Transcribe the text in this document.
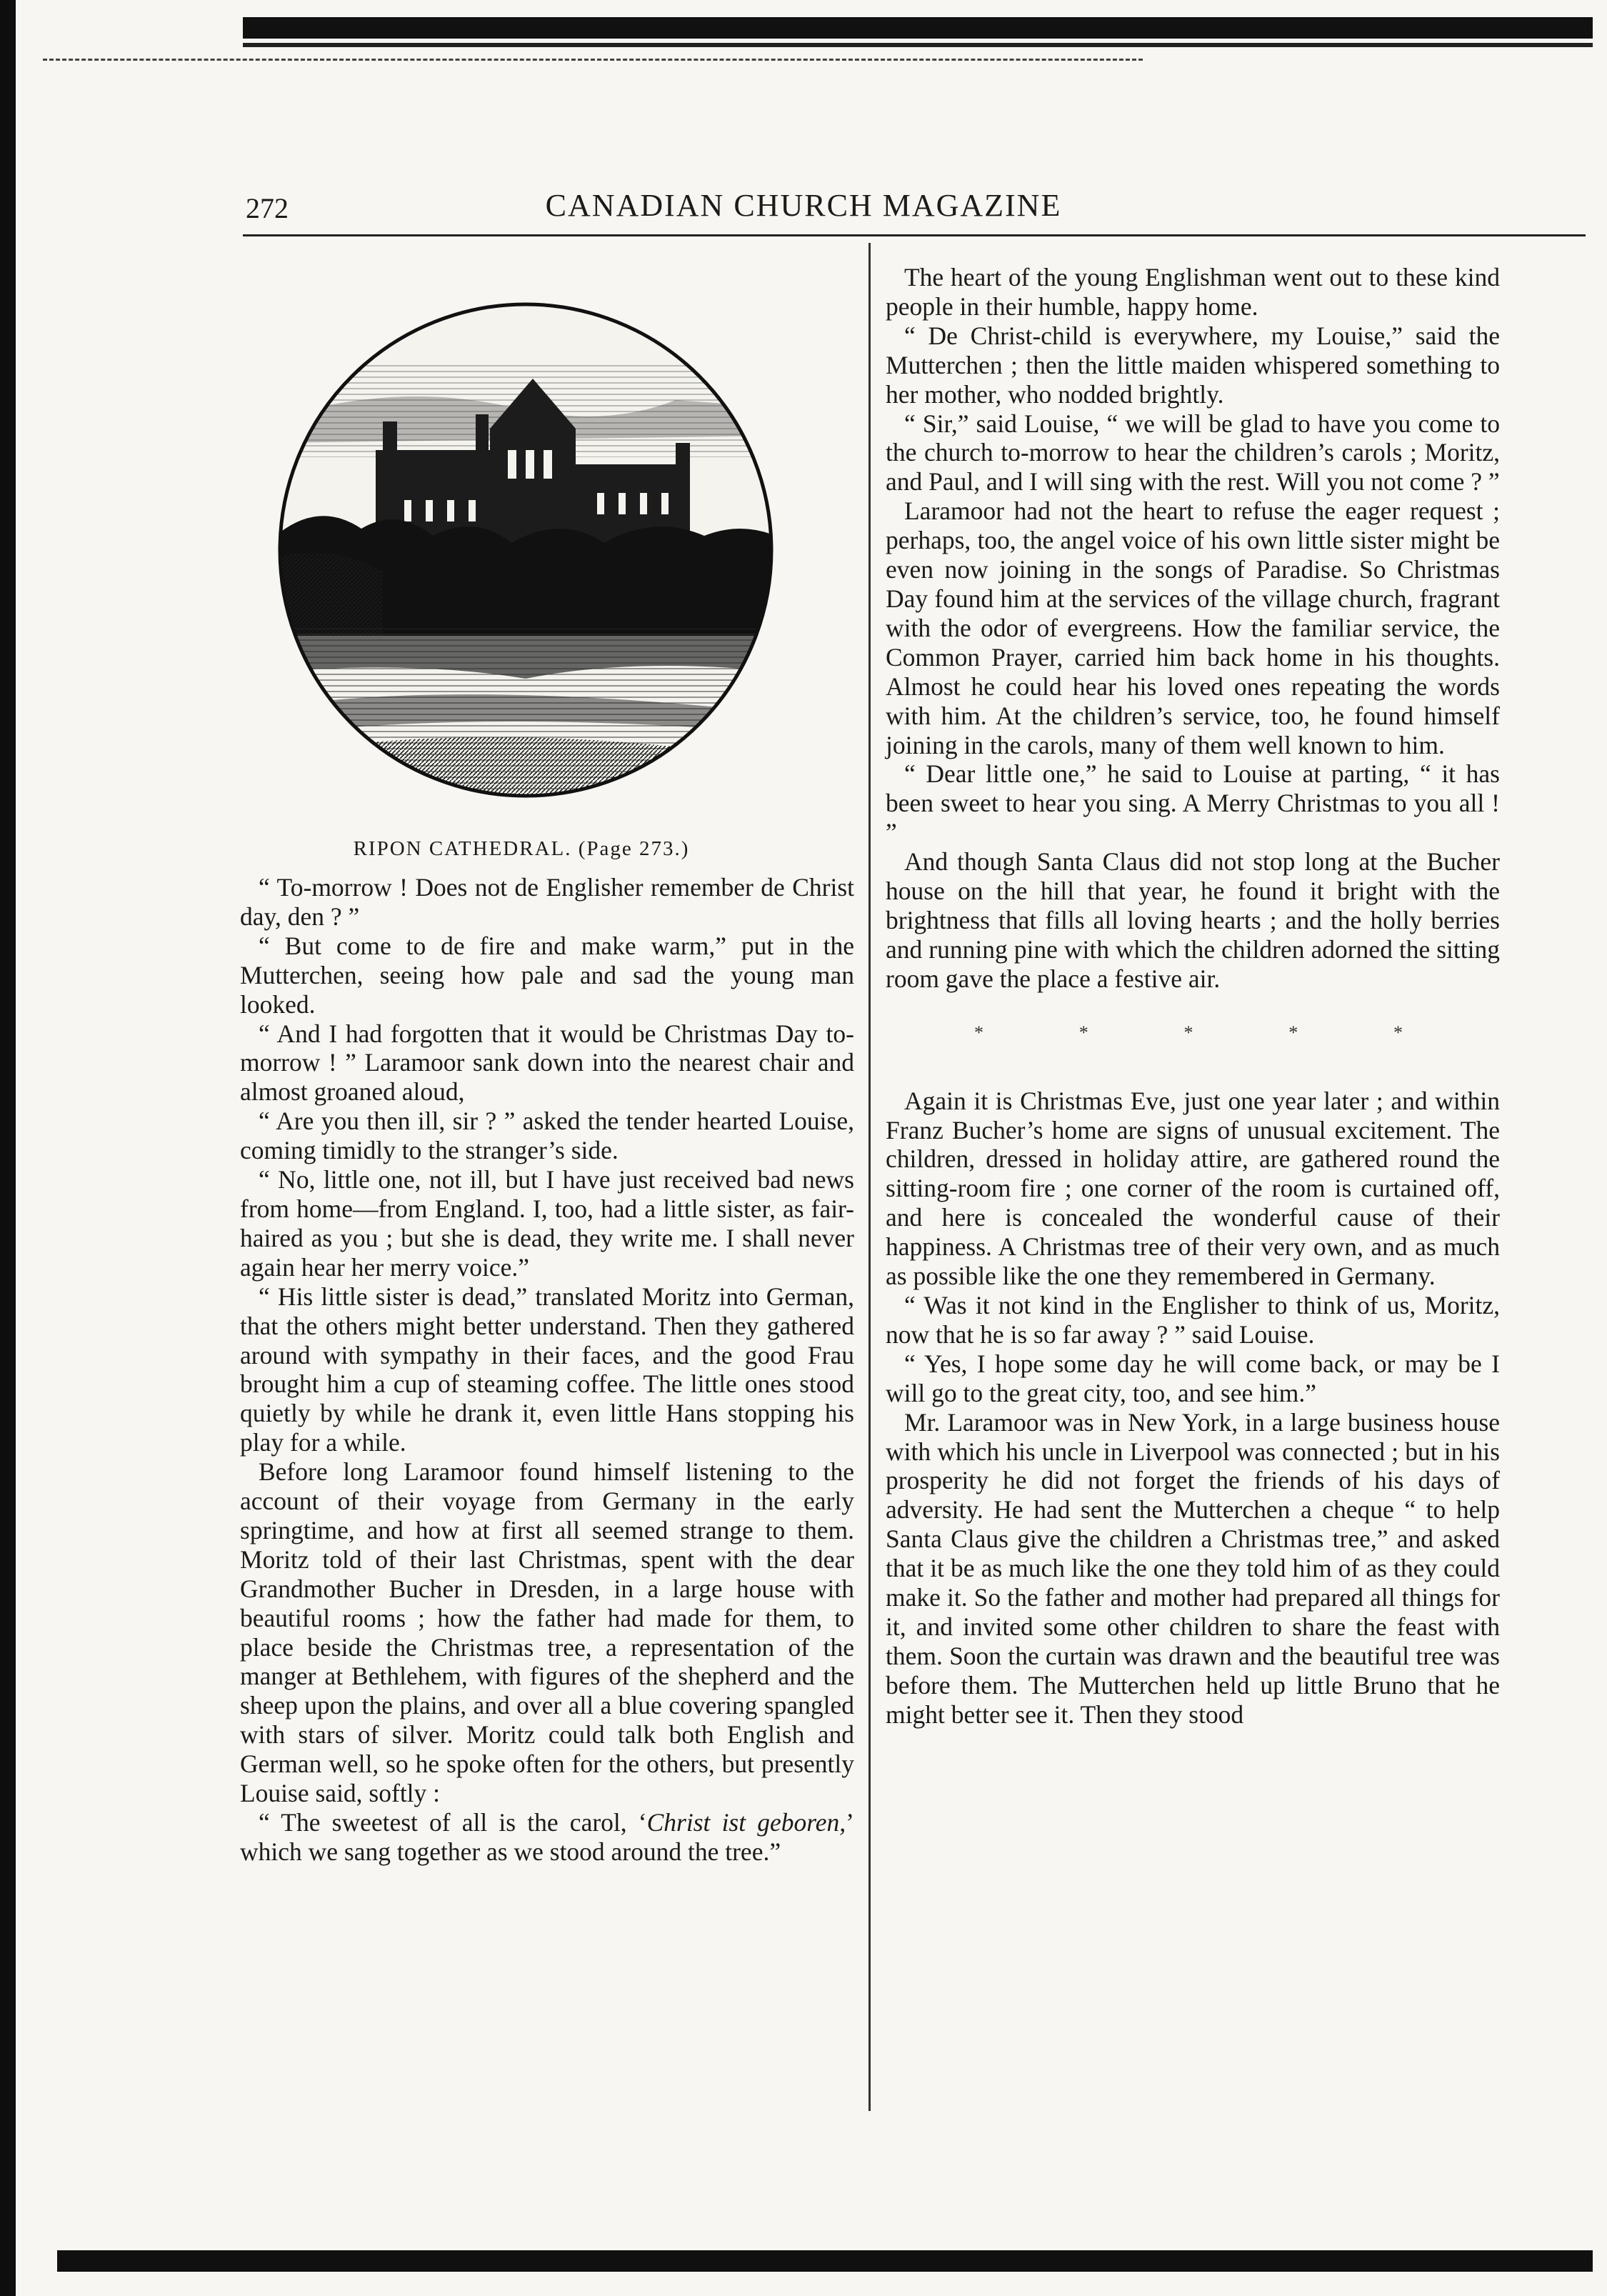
272	CANADIAN CHURCH MAGAZINE
RIPON CATHEDRAL. (Page 273.)

“ To-morrow ! Does not de Englisher remember de Christ day, den ? ”

“ But come to de fire and make warm,” put in the Mutterchen, seeing how pale and sad the young man looked.

“ And I had forgotten that it would be Christmas Day to-morrow ! ” Laramoor sank down into the nearest chair and almost groaned aloud,

“ Are you then ill, sir ? ” asked the tender hearted Louise, coming timidly to the stranger’s side.

“ No, little one, not ill, but I have just received bad news from home—from England. I, too, had a little sister, as fair-haired as you ; but she is dead, they write me. I shall never again hear her merry voice.”

“ His little sister is dead,” translated Moritz into German, that the others might better understand. Then they gathered around with sympathy in their faces, and the good Frau brought him a cup of steaming coffee. The little ones stood quietly by while he drank it, even little Hans stopping his play for a while.

Before long Laramoor found himself listening to the account of their voyage from Germany in the early springtime, and how at first all seemed strange to them. Moritz told of their last Christmas, spent with the dear Grandmother Bucher in Dresden, in a large house with beautiful rooms ; how the father had made for them, to place beside the Christmas tree, a representation of the manger at Bethlehem, with figures of the shepherd and the sheep upon the plains, and over all a blue covering spangled with stars of silver. Moritz could talk both English and German well, so he spoke often for the others, but presently Louise said, softly :

“ The sweetest of all is the carol, ‘Christ ist geboren,’ which we sang together as we stood around the tree.”

The heart of the young Englishman went out to these kind people in their humble, happy home.

“ De Christ-child is everywhere, my Louise,” said the Mutterchen ; then the little maiden whispered something to her mother, who nodded brightly.

“ Sir,” said Louise, “ we will be glad to have you come to the church to-morrow to hear the children’s carols ; Moritz, and Paul, and I will sing with the rest. Will you not come ? ”

Laramoor had not the heart to refuse the eager request ; perhaps, too, the angel voice of his own little sister might be even now joining in the songs of Paradise. So Christmas Day found him at the services of the village church, fragrant with the odor of evergreens. How the familiar service, the Common Prayer, carried him back home in his thoughts. Almost he could hear his loved ones repeating the words with him. At the children’s service, too, he found himself joining in the carols, many of them well known to him.

“ Dear little one,” he said to Louise at parting, “ it has been sweet to hear you sing. A Merry Christmas to you all ! ”

And though Santa Claus did not stop long at the Bucher house on the hill that year, he found it bright with the brightness that fills all loving hearts ; and the holly berries and running pine with which the children adorned the sitting room gave the place a festive air.

*	*	*	*	*

Again it is Christmas Eve, just one year later ; and within Franz Bucher’s home are signs of unusual excitement. The children, dressed in holiday attire, are gathered round the sitting-room fire ; one corner of the room is curtained off, and here is concealed the wonderful cause of their happiness. A Christmas tree of their very own, and as much as possible like the one they remembered in Germany.

“ Was it not kind in the Englisher to think of us, Moritz, now that he is so far away ? ” said Louise.

“ Yes, I hope some day he will come back, or may be I will go to the great city, too, and see him.”

Mr. Laramoor was in New York, in a large business house with which his uncle in Liverpool was connected ; but in his prosperity he did not forget the friends of his days of adversity. He had sent the Mutterchen a cheque “ to help Santa Claus give the children a Christmas tree,” and asked that it be as much like the one they told him of as they could make it. So the father and mother had prepared all things for it, and invited some other children to share the feast with them. Soon the curtain was drawn and the beautiful tree was before them. The Mutterchen held up little Bruno that he might better see it. Then they stood
